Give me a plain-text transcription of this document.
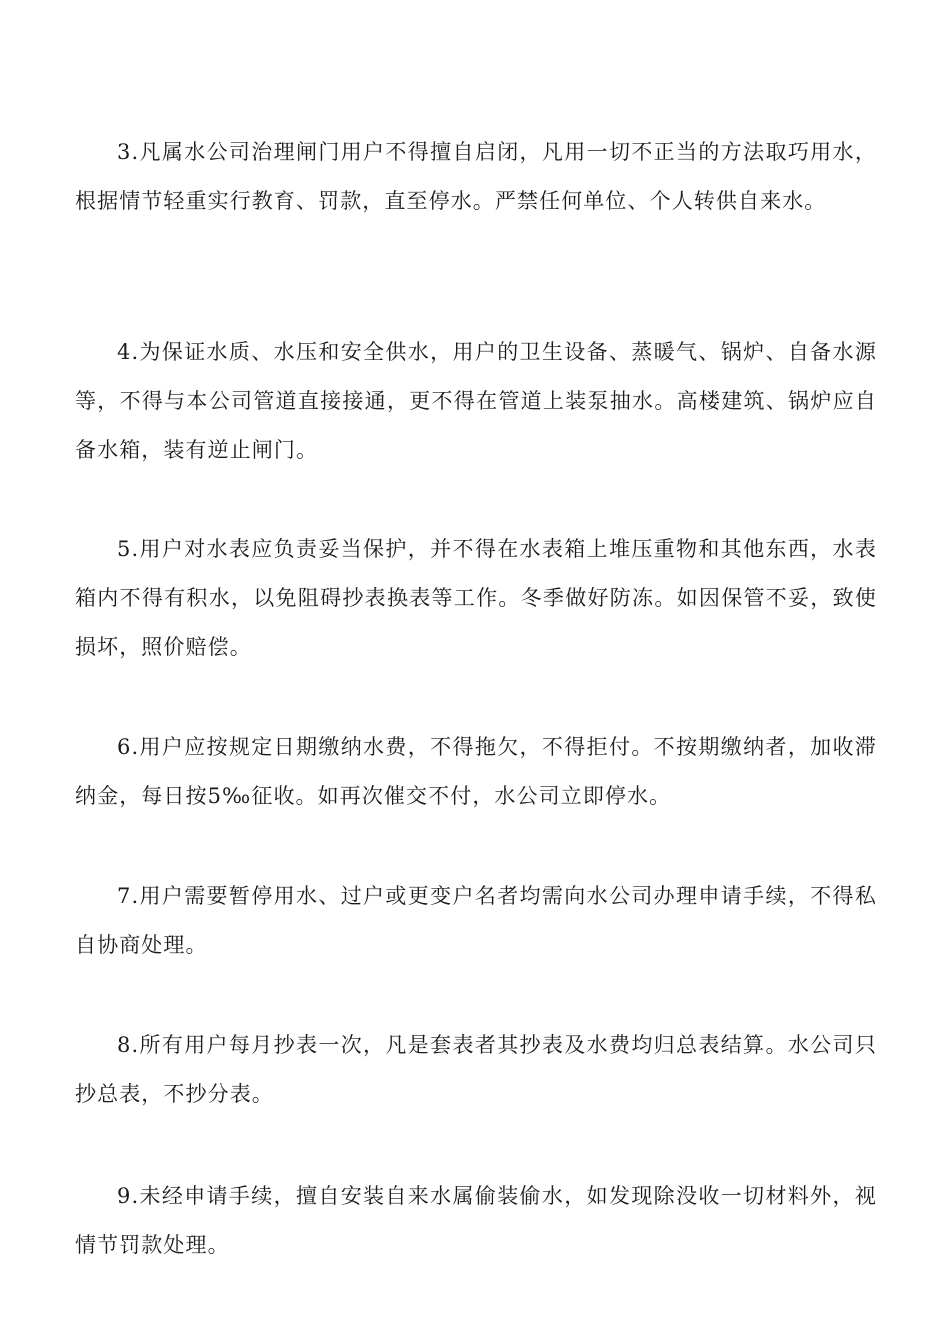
3.凡属水公司治理闸门用户不得擅自启闭，凡用一切不正当的方法取巧用水，根据情节轻重实行教育、罚款，直至停水。严禁任何单位、个人转供自来水。

4.为保证水质、水压和安全供水，用户的卫生设备、蒸暖气、锅炉、自备水源等，不得与本公司管道直接接通，更不得在管道上装泵抽水。高楼建筑、锅炉应自备水箱，装有逆止闸门。

5.用户对水表应负责妥当保护，并不得在水表箱上堆压重物和其他东西，水表箱内不得有积水，以免阻碍抄表换表等工作。冬季做好防冻。如因保管不妥，致使损坏，照价赔偿。

6.用户应按规定日期缴纳水费，不得拖欠，不得拒付。不按期缴纳者，加收滞纳金，每日按5‰征收。如再次催交不付，水公司立即停水。

7.用户需要暂停用水、过户或更变户名者均需向水公司办理申请手续，不得私自协商处理。

8.所有用户每月抄表一次，凡是套表者其抄表及水费均归总表结算。水公司只抄总表，不抄分表。

9.未经申请手续，擅自安装自来水属偷装偷水，如发现除没收一切材料外，视情节罚款处理。
